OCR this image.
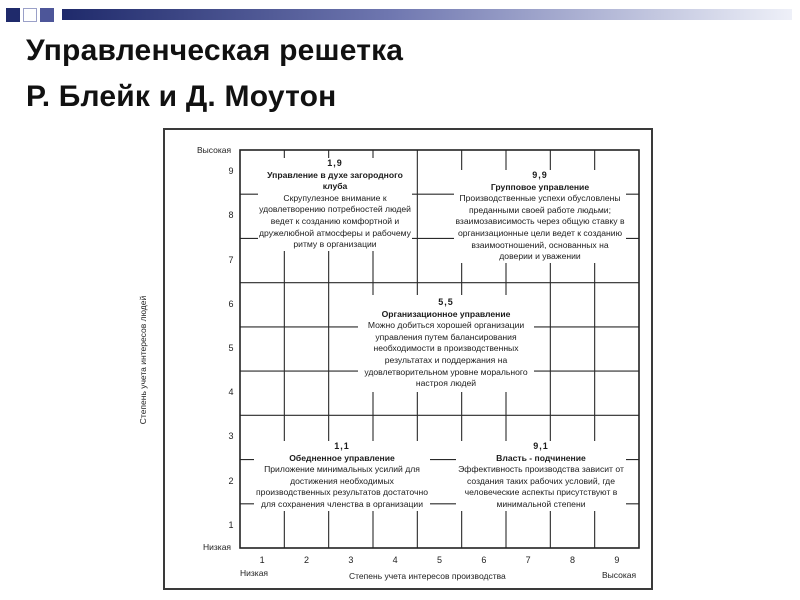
Управленческая решетка
Р. Блейк и Д. Моутон
Высокая
Низкая
9
8
7
6
5
4
3
2
1
Степень учета интересов людей
1	2	3	4	5	6	7	8	9
Низкая	Высокая
Степень учета интересов производства
1,9
Управление в духе загородного клуба
Скрупулезное внимание к удовлетворению потребностей людей ведет к созданию комфортной и дружелюбной атмосферы и рабочему ритму в организации
9,9
Групповое управление
Производственные успехи обусловлены преданными своей работе людьми; взаимозависимость через общую ставку в организационные цели ведет к созданию взаимоотношений, основанных на доверии и уважении
5,5
Организационное управление
Можно добиться хорошей организации управления путем балансирования необходимости в производственных результатах и поддержания на удовлетворительном уровне морального настроя людей
1,1
Обедненное управление
Приложение минимальных усилий для достижения необходимых производственных результатов достаточно для сохранения членства в организации
9,1
Власть - подчинение
Эффективность производства зависит от создания таких рабочих условий, где человеческие аспекты присутствуют в минимальной степени
